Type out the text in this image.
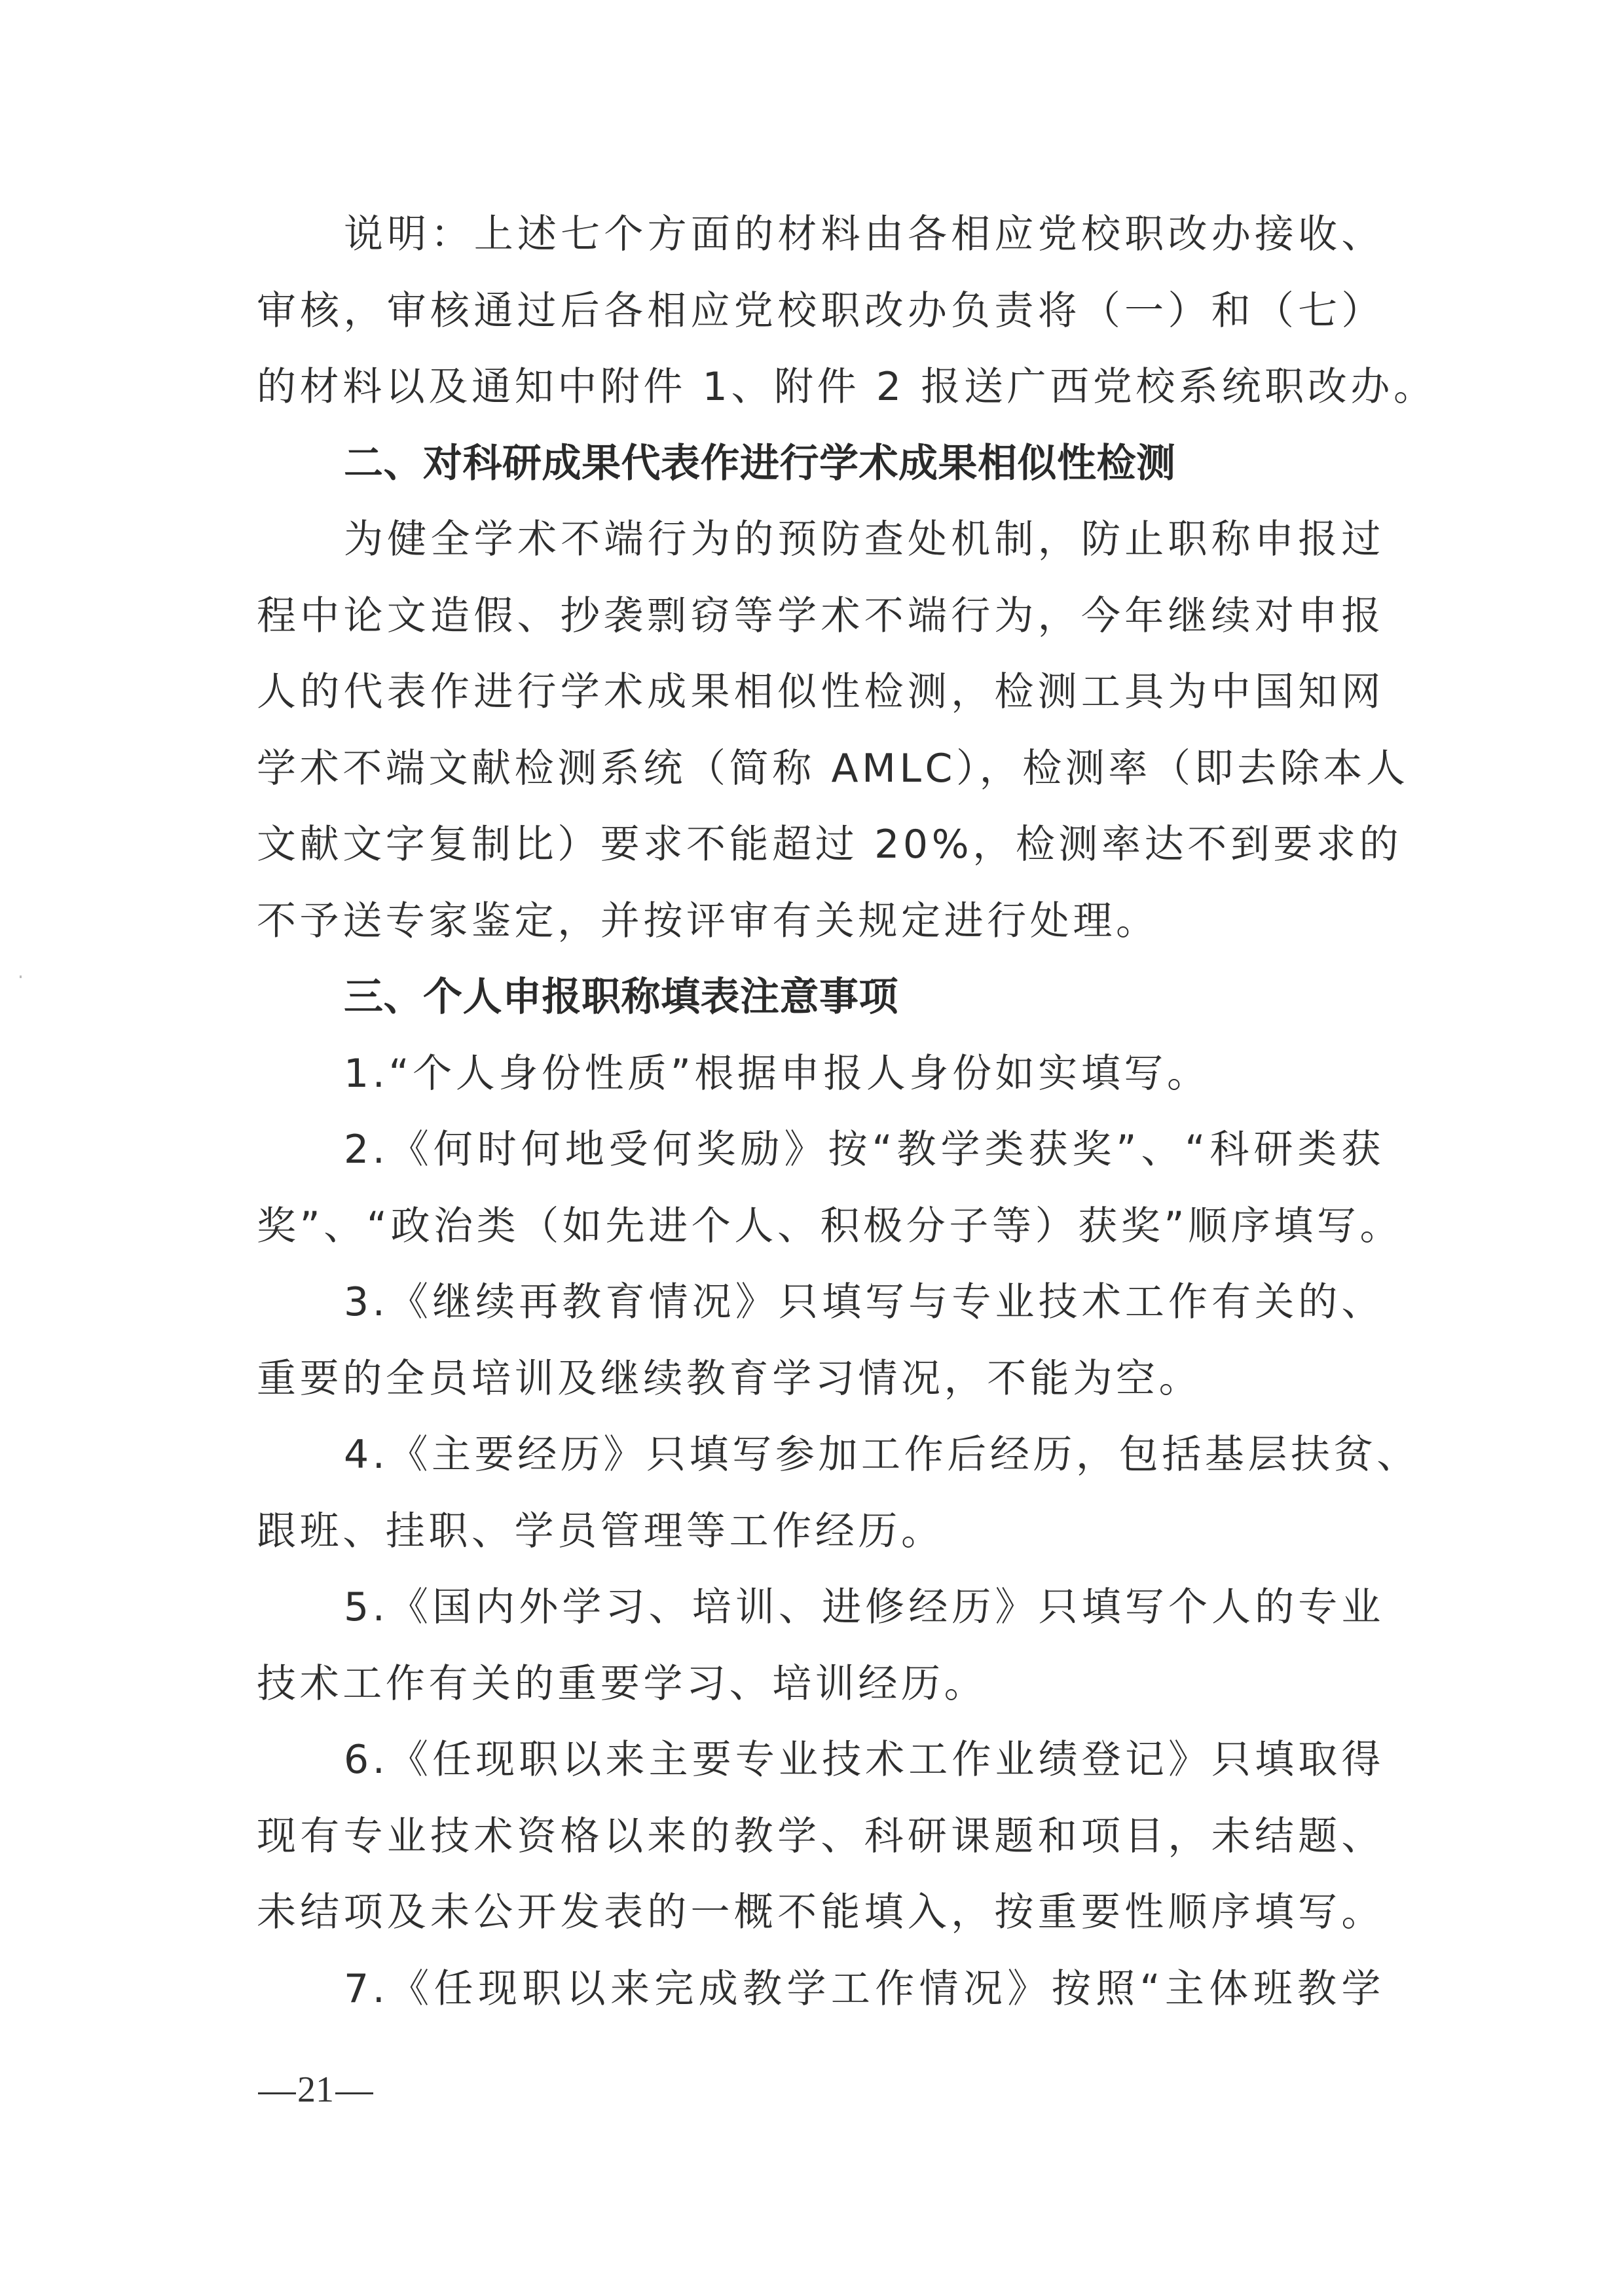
说明：上述七个方面的材料由各相应党校职改办接收、
审核，审核通过后各相应党校职改办负责将（一）和（七）
的材料以及通知中附件 1、附件 2 报送广西党校系统职改办。
二、对科研成果代表作进行学术成果相似性检测
为健全学术不端行为的预防查处机制，防止职称申报过
程中论文造假、抄袭剽窃等学术不端行为，今年继续对申报
人的代表作进行学术成果相似性检测，检测工具为中国知网
学术不端文献检测系统（简称 AMLC），检测率（即去除本人
文献文字复制比）要求不能超过 20%，检测率达不到要求的
不予送专家鉴定，并按评审有关规定进行处理。
三、个人申报职称填表注意事项
1.“个人身份性质”根据申报人身份如实填写。
2.《何时何地受何奖励》按“教学类获奖”、“科研类获
奖”、“政治类（如先进个人、积极分子等）获奖”顺序填写。
3.《继续再教育情况》只填写与专业技术工作有关的、
重要的全员培训及继续教育学习情况，不能为空。
4.《主要经历》只填写参加工作后经历，包括基层扶贫、
跟班、挂职、学员管理等工作经历。
5.《国内外学习、培训、进修经历》只填写个人的专业
技术工作有关的重要学习、培训经历。
6.《任现职以来主要专业技术工作业绩登记》只填取得
现有专业技术资格以来的教学、科研课题和项目，未结题、
未结项及未公开发表的一概不能填入，按重要性顺序填写。
7.《任现职以来完成教学工作情况》按照“主体班教学
21
